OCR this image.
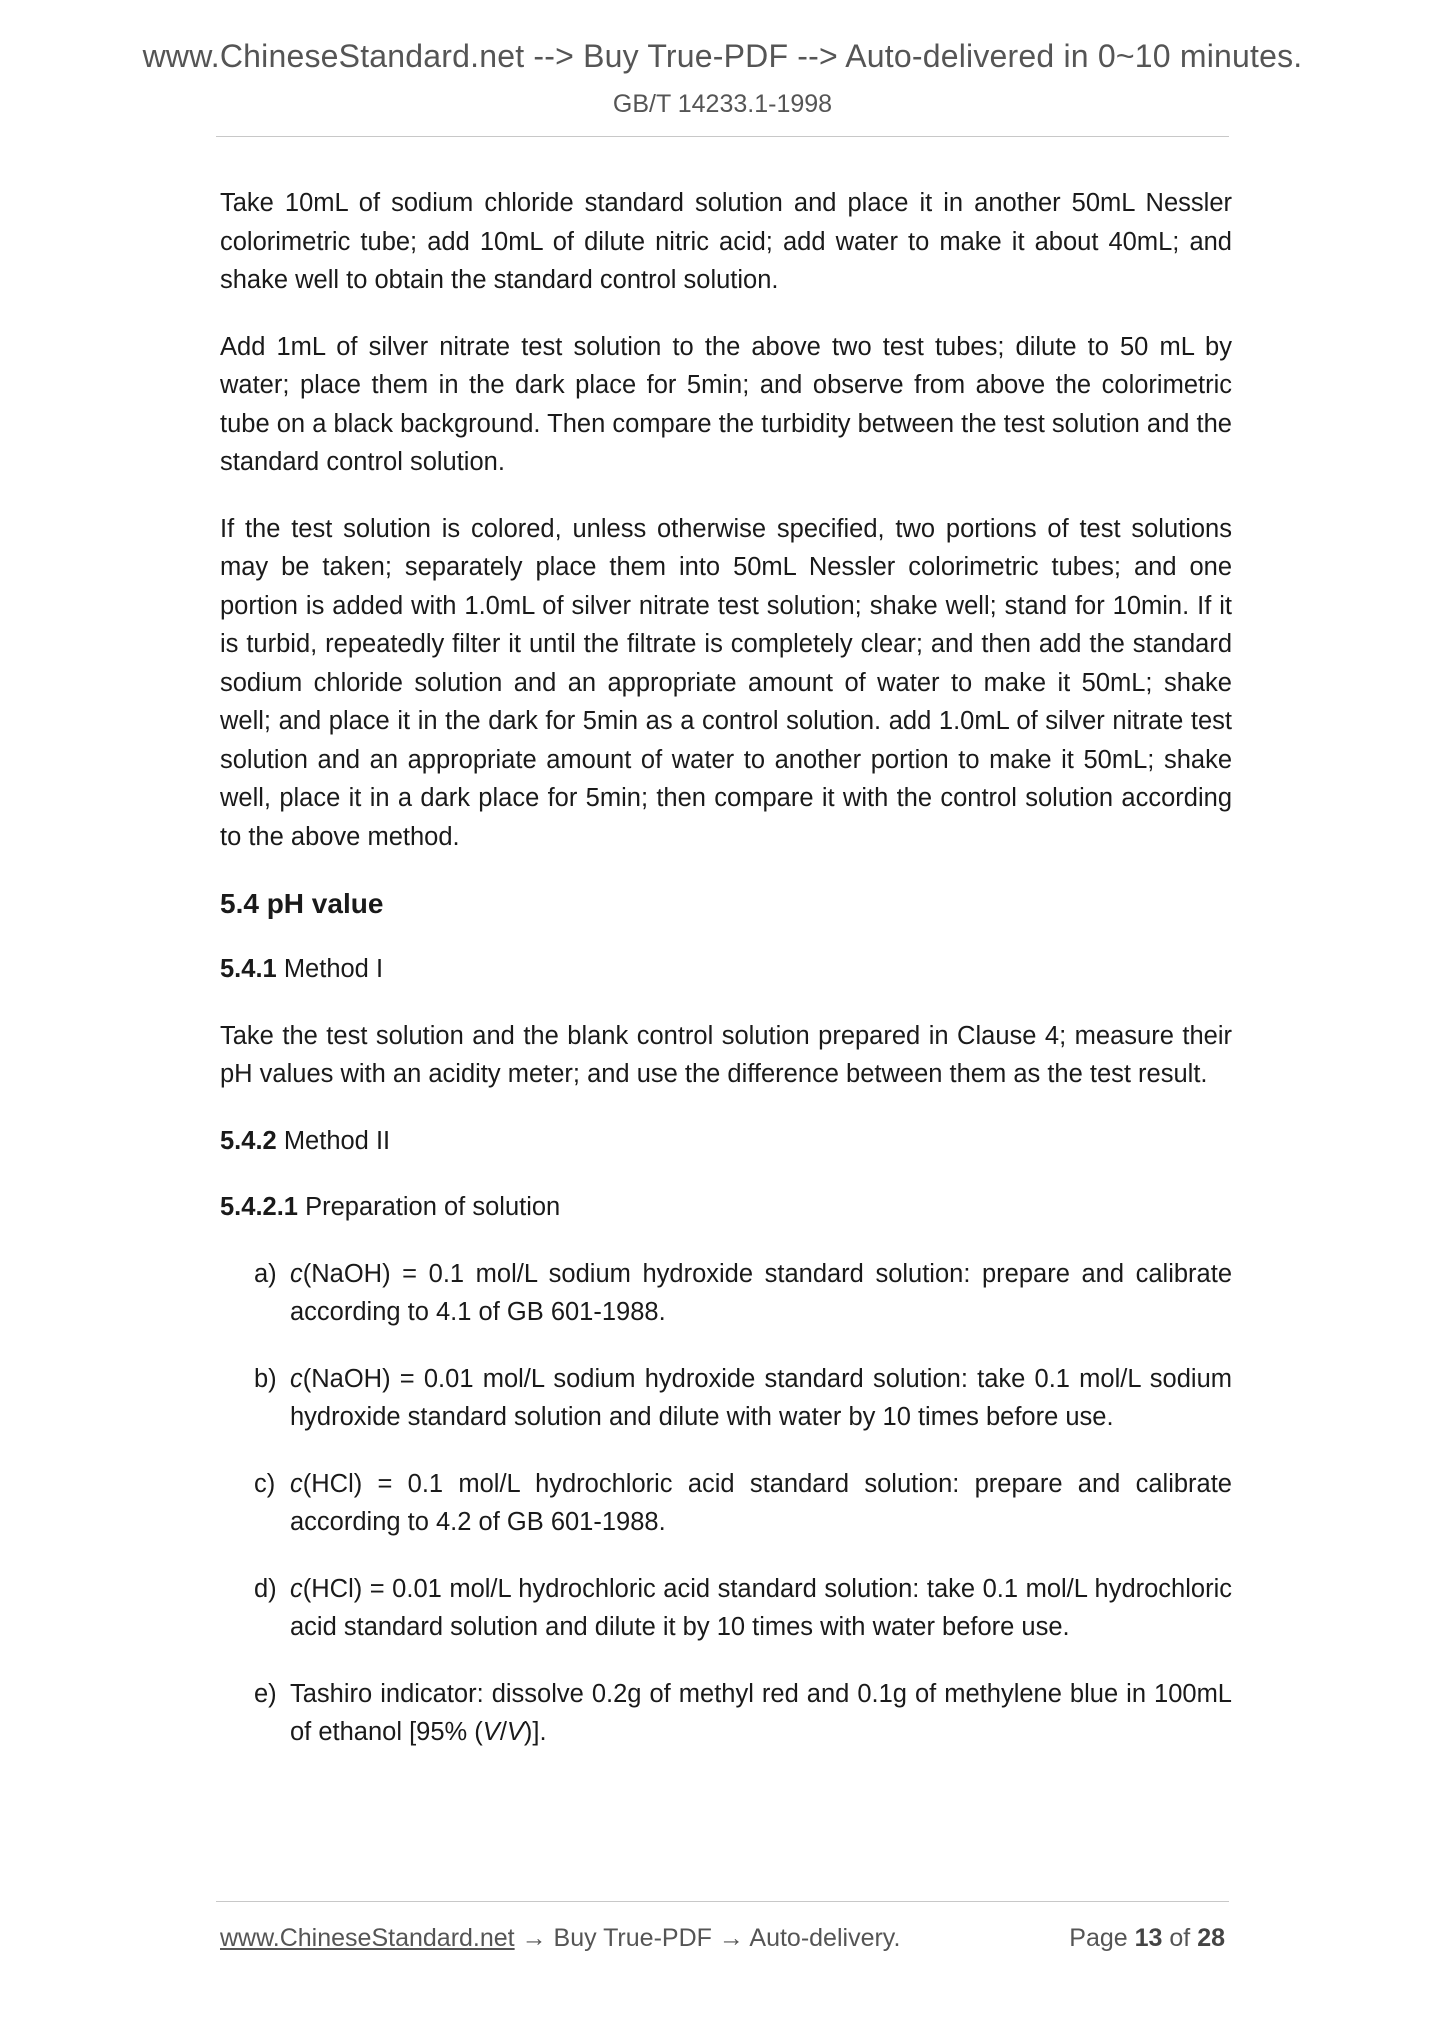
www.ChineseStandard.net --> Buy True-PDF --> Auto-delivered in 0~10 minutes.
GB/T 14233.1-1998

Take 10mL of sodium chloride standard solution and place it in another 50mL Nessler colorimetric tube; add 10mL of dilute nitric acid; add water to make it about 40mL; and shake well to obtain the standard control solution.

Add 1mL of silver nitrate test solution to the above two test tubes; dilute to 50 mL by water; place them in the dark place for 5min; and observe from above the colorimetric tube on a black background. Then compare the turbidity between the test solution and the standard control solution.

If the test solution is colored, unless otherwise specified, two portions of test solutions may be taken; separately place them into 50mL Nessler colorimetric tubes; and one portion is added with 1.0mL of silver nitrate test solution; shake well; stand for 10min. If it is turbid, repeatedly filter it until the filtrate is completely clear; and then add the standard sodium chloride solution and an appropriate amount of water to make it 50mL; shake well; and place it in the dark for 5min as a control solution. add 1.0mL of silver nitrate test solution and an appropriate amount of water to another portion to make it 50mL; shake well, place it in a dark place for 5min; then compare it with the control solution according to the above method.

5.4 pH value
5.4.1 Method I

Take the test solution and the blank control solution prepared in Clause 4; measure their pH values with an acidity meter; and use the difference between them as the test result.

5.4.2 Method II
5.4.2.1 Preparation of solution
a) c(NaOH) = 0.1 mol/L sodium hydroxide standard solution: prepare and calibrate according to 4.1 of GB 601-1988.
b) c(NaOH) = 0.01 mol/L sodium hydroxide standard solution: take 0.1 mol/L sodium hydroxide standard solution and dilute with water by 10 times before use.
c) c(HCl) = 0.1 mol/L hydrochloric acid standard solution: prepare and calibrate according to 4.2 of GB 601-1988.
d) c(HCl) = 0.01 mol/L hydrochloric acid standard solution: take 0.1 mol/L hydrochloric acid standard solution and dilute it by 10 times with water before use.
e) Tashiro indicator: dissolve 0.2g of methyl red and 0.1g of methylene blue in 100mL of ethanol [95% (V/V)].
www.ChineseStandard.net → Buy True-PDF → Auto-delivery.	Page 13 of 28
